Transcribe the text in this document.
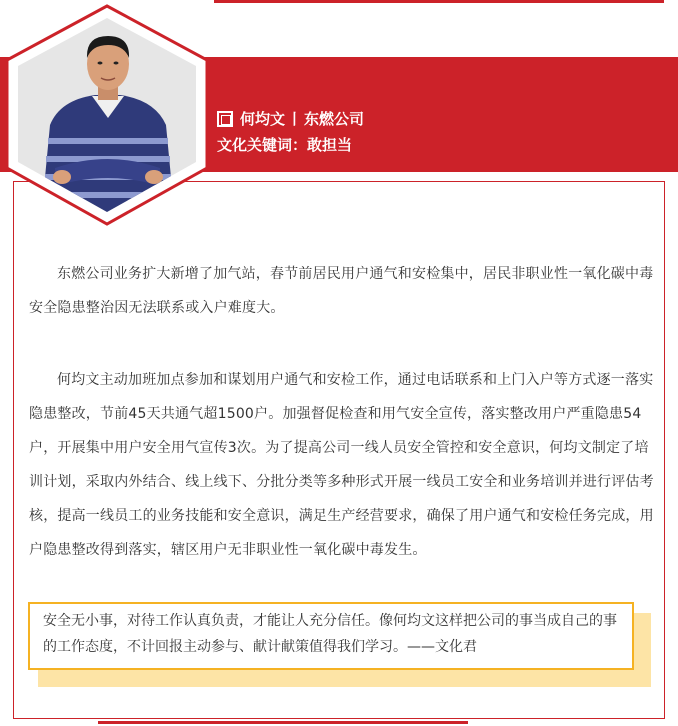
何均文 丨 东燃公司
文化关键词：敢担当

东燃公司业务扩大新增了加气站，春节前居民用户通气和安检集中，居民非职业性一氧化碳中毒安全隐患整治因无法联系或入户难度大。

何均文主动加班加点参加和谋划用户通气和安检工作，通过电话联系和上门入户等方式逐一落实隐患整改，节前45天共通气超1500户。加强督促检查和用气安全宣传，落实整改用户严重隐患54户，开展集中用户安全用气宣传3次。为了提高公司一线人员安全管控和安全意识，何均文制定了培训计划，采取内外结合、线上线下、分批分类等多种形式开展一线员工安全和业务培训并进行评估考核，提高一线员工的业务技能和安全意识，满足生产经营要求，确保了用户通气和安检任务完成，用户隐患整改得到落实，辖区用户无非职业性一氧化碳中毒发生。

安全无小事，对待工作认真负责，才能让人充分信任。像何均文这样把公司的事当成自己的事的工作态度，不计回报主动参与、献计献策值得我们学习。——文化君
